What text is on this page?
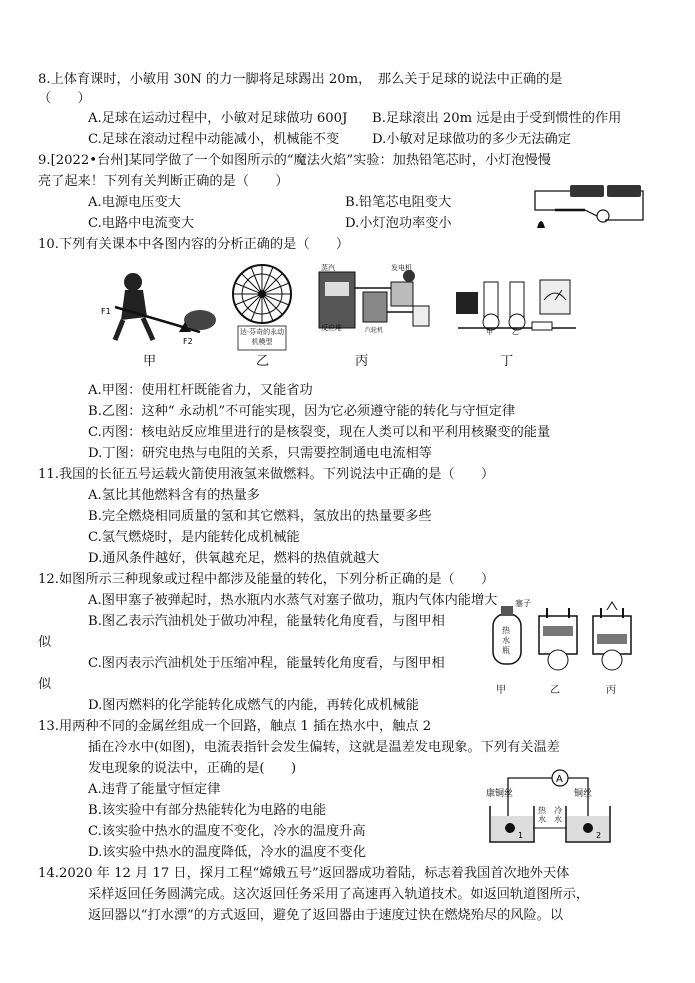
8.上体育课时，小敏用 30N 的力一脚将足球踢出 20m，　那么关于足球的说法中正确的是
（　　）
A.足球在运动过程中，小敏对足球做功 600J B.足球滚出 20m 远是由于受到惯性的作用
C.足球在滚动过程中动能减小，机械能不变 D.小敏对足球做功的多少无法确定
9.[2022•台州]某同学做了一个如图所示的“魔法火焰”实验：加热铅笔芯时，小灯泡慢慢
亮了起来！下列有关判断正确的是（　　）
A.电源电压变大	B.铅笔芯电阻变大
C.电路中电流变大	D.小灯泡功率变小
10.下列有关课本中各图内容的分析正确的是（　　）
F1
F2
达·芬奇的永动机模型
反应堆
蒸汽	发电机
汽轮机	甲	乙
甲	乙	丙	丁
A.甲图：使用杠杆既能省力，又能省功
B.乙图：这种“ 永动机”不可能实现，因为它必须遵守能的转化与守恒定律
C.丙图：核电站反应堆里进行的是核裂变，现在人类可以和平利用核聚变的能量
D.丁图：研究电热与电阻的关系，只需要控制通电电流相等
11.我国的长征五号运载火箭使用液氢来做燃料。下列说法中正确的是（　　）
A.氢比其他燃料含有的热量多
B.完全燃烧相同质量的氢和其它燃料，氢放出的热量要多些
C.氢气燃烧时，是内能转化成机械能
D.通风条件越好，供氧越充足，燃料的热值就越大
12.如图所示三种现象或过程中都涉及能量的转化，下列分析正确的是（　　）
A.图甲塞子被弹起时，热水瓶内水蒸气对塞子做功，瓶内气体内能增大
B.图乙表示汽油机处于做功冲程，能量转化角度看，与图甲相
似
C.图丙表示汽油机处于压缩冲程，能量转化角度看，与图甲相
似
D.图丙燃料的化学能转化成燃气的内能，再转化成机械能
塞子
热水瓶
甲	乙	丙
13.用两种不同的金属丝组成一个回路，触点 1 插在热水中，触点 2
插在冷水中(如图)，电流表指针会发生偏转，这就是温差发电现象。下列有关温差
发电现象的说法中，正确的是(　　)
A.违背了能量守恒定律
B.该实验中有部分热能转化为电路的电能
C.该实验中热水的温度不变化，冷水的温度升高
D.该实验中热水的温度降低，冷水的温度不变化
A
康铜丝	铜丝
1	2
热水
冷水
14.2020 年 12 月 17 日，探月工程“嫦娥五号”返回器成功着陆，标志着我国首次地外天体
采样返回任务圆满完成。这次返回任务采用了高速再入轨道技术。如返回轨道图所示，
返回器以“打水漂”的方式返回，避免了返回器由于速度过快在燃烧殆尽的风险。以
